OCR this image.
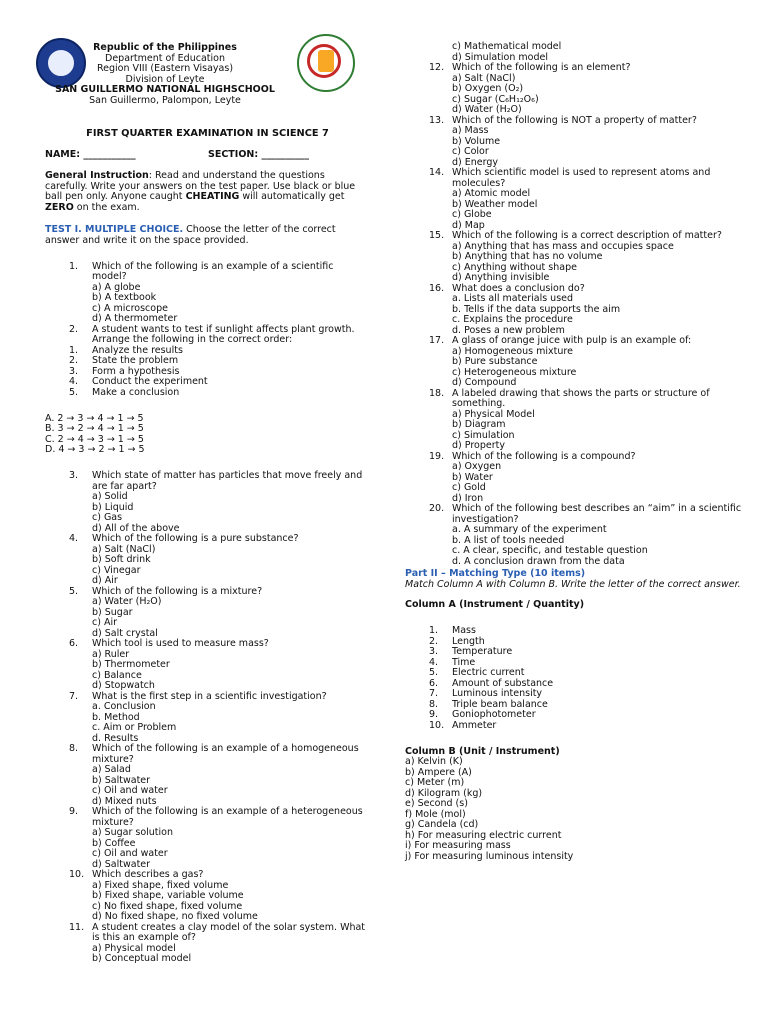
Republic of the Philippines
Department of Education
Region VIII (Eastern Visayas)
Division of Leyte
SAN GUILLERMO NATIONAL HIGHSCHOOL
San Guillermo, Palompon, Leyte
FIRST QUARTER EXAMINATION IN SCIENCE 7
NAME: ___________	SECTION: __________
General Instruction: Read and understand the questions carefully. Write your answers on the test paper. Use black or blue ball pen only. Anyone caught CHEATING will automatically get ZERO on the exam.
TEST I. MULTIPLE CHOICE. Choose the letter of the correct answer and write it on the space provided.
1. Which of the following is an example of a scientific model?
a) A globe
b) A textbook
c) A microscope
d) A thermometer
2. A student wants to test if sunlight affects plant growth. Arrange the following in the correct order:
1. Analyze the results
2. State the problem
3. Form a hypothesis
4. Conduct the experiment
5. Make a conclusion
A. 2 → 3 → 4 → 1 → 5
B. 3 → 2 → 4 → 1 → 5
C. 2 → 4 → 3 → 1 → 5
D. 4 → 3 → 2 → 1 → 5
3. Which state of matter has particles that move freely and are far apart?
a) Solid
b) Liquid
c) Gas
d) All of the above
4. Which of the following is a pure substance?
a) Salt (NaCl)
b) Soft drink
c) Vinegar
d) Air
5. Which of the following is a mixture?
a) Water (H₂O)
b) Sugar
c) Air
d) Salt crystal
6. Which tool is used to measure mass?
a) Ruler
b) Thermometer
c) Balance
d) Stopwatch
7. What is the first step in a scientific investigation?
a. Conclusion
b. Method
c. Aim or Problem
d. Results
8. Which of the following is an example of a homogeneous mixture?
a) Salad
b) Saltwater
c) Oil and water
d) Mixed nuts
9. Which of the following is an example of a heterogeneous mixture?
a) Sugar solution
b) Coffee
c) Oil and water
d) Saltwater
10. Which describes a gas?
a) Fixed shape, fixed volume
b) Fixed shape, variable volume
c) No fixed shape, fixed volume
d) No fixed shape, no fixed volume
11. A student creates a clay model of the solar system. What is this an example of?
a) Physical model
b) Conceptual model
c) Mathematical model
d) Simulation model
12. Which of the following is an element?
a) Salt (NaCl)
b) Oxygen (O₂)
c) Sugar (C₆H₁₂O₆)
d) Water (H₂O)
13. Which of the following is NOT a property of matter?
a) Mass
b) Volume
c) Color
d) Energy
14. Which scientific model is used to represent atoms and molecules?
a) Atomic model
b) Weather model
c) Globe
d) Map
15. Which of the following is a correct description of matter?
a) Anything that has mass and occupies space
b) Anything that has no volume
c) Anything without shape
d) Anything invisible
16. What does a conclusion do?
a. Lists all materials used
b. Tells if the data supports the aim
c. Explains the procedure
d. Poses a new problem
17. A glass of orange juice with pulp is an example of:
a) Homogeneous mixture
b) Pure substance
c) Heterogeneous mixture
d) Compound
18. A labeled drawing that shows the parts or structure of something.
a) Physical Model
b) Diagram
c) Simulation
d) Property
19. Which of the following is a compound?
a) Oxygen
b) Water
c) Gold
d) Iron
20. Which of the following best describes an “aim” in a scientific investigation?
a. A summary of the experiment
b. A list of tools needed
c. A clear, specific, and testable question
d. A conclusion drawn from the data
Part II – Matching Type (10 items)
Match Column A with Column B. Write the letter of the correct answer.
Column A (Instrument / Quantity)
1. Mass
2. Length
3. Temperature
4. Time
5. Electric current
6. Amount of substance
7. Luminous intensity
8. Triple beam balance
9. Goniophotometer
10. Ammeter
Column B (Unit / Instrument)
a) Kelvin (K)
b) Ampere (A)
c) Meter (m)
d) Kilogram (kg)
e) Second (s)
f) Mole (mol)
g) Candela (cd)
h) For measuring electric current
i) For measuring mass
j) For measuring luminous intensity
